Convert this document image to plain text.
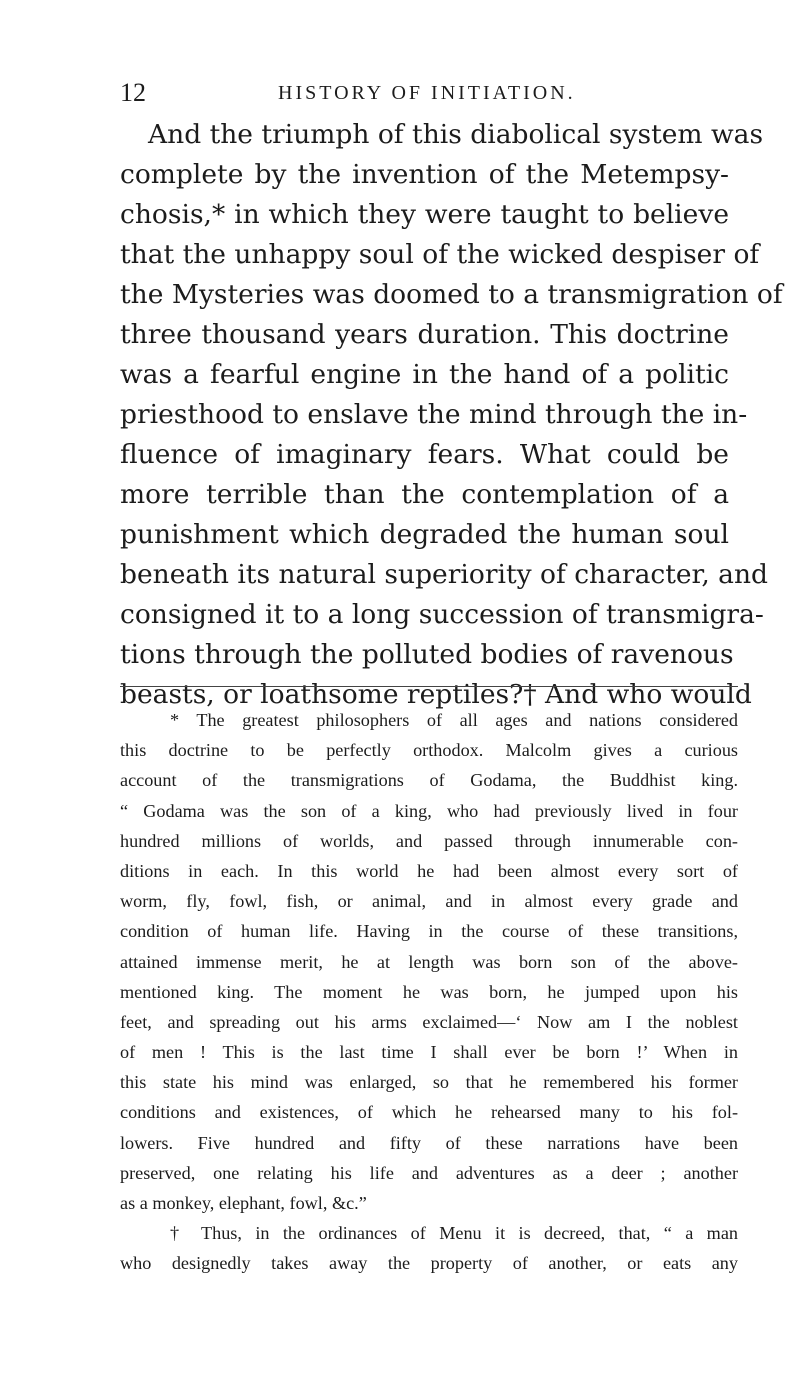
12	HISTORY OF INITIATION.
And the triumph of this diabolical system was
complete by the invention of the Metempsy-
chosis,* in which they were taught to believe
that the unhappy soul of the wicked despiser of
the Mysteries was doomed to a transmigration of
three thousand years duration. This doctrine
was a fearful engine in the hand of a politic
priesthood to enslave the mind through the in-
fluence of imaginary fears. What could be
more terrible than the contemplation of a
punishment which degraded the human soul
beneath its natural superiority of character, and
consigned it to a long succession of transmigra-
tions through the polluted bodies of ravenous
beasts, or loathsome reptiles?† And who would
* The greatest philosophers of all ages and nations considered
this doctrine to be perfectly orthodox. Malcolm gives a curious
account of the transmigrations of Godama, the Buddhist king.
“ Godama was the son of a king, who had previously lived in four
hundred millions of worlds, and passed through innumerable con-
ditions in each. In this world he had been almost every sort of
worm, fly, fowl, fish, or animal, and in almost every grade and
condition of human life. Having in the course of these transitions,
attained immense merit, he at length was born son of the above-
mentioned king. The moment he was born, he jumped upon his
feet, and spreading out his arms exclaimed—‘ Now am I the noblest
of men ! This is the last time I shall ever be born !’ When in
this state his mind was enlarged, so that he remembered his former
conditions and existences, of which he rehearsed many to his fol-
lowers. Five hundred and fifty of these narrations have been
preserved, one relating his life and adventures as a deer ; another
as a monkey, elephant, fowl, &c.”
† Thus, in the ordinances of Menu it is decreed, that, “ a man
who designedly takes away the property of another, or eats any
